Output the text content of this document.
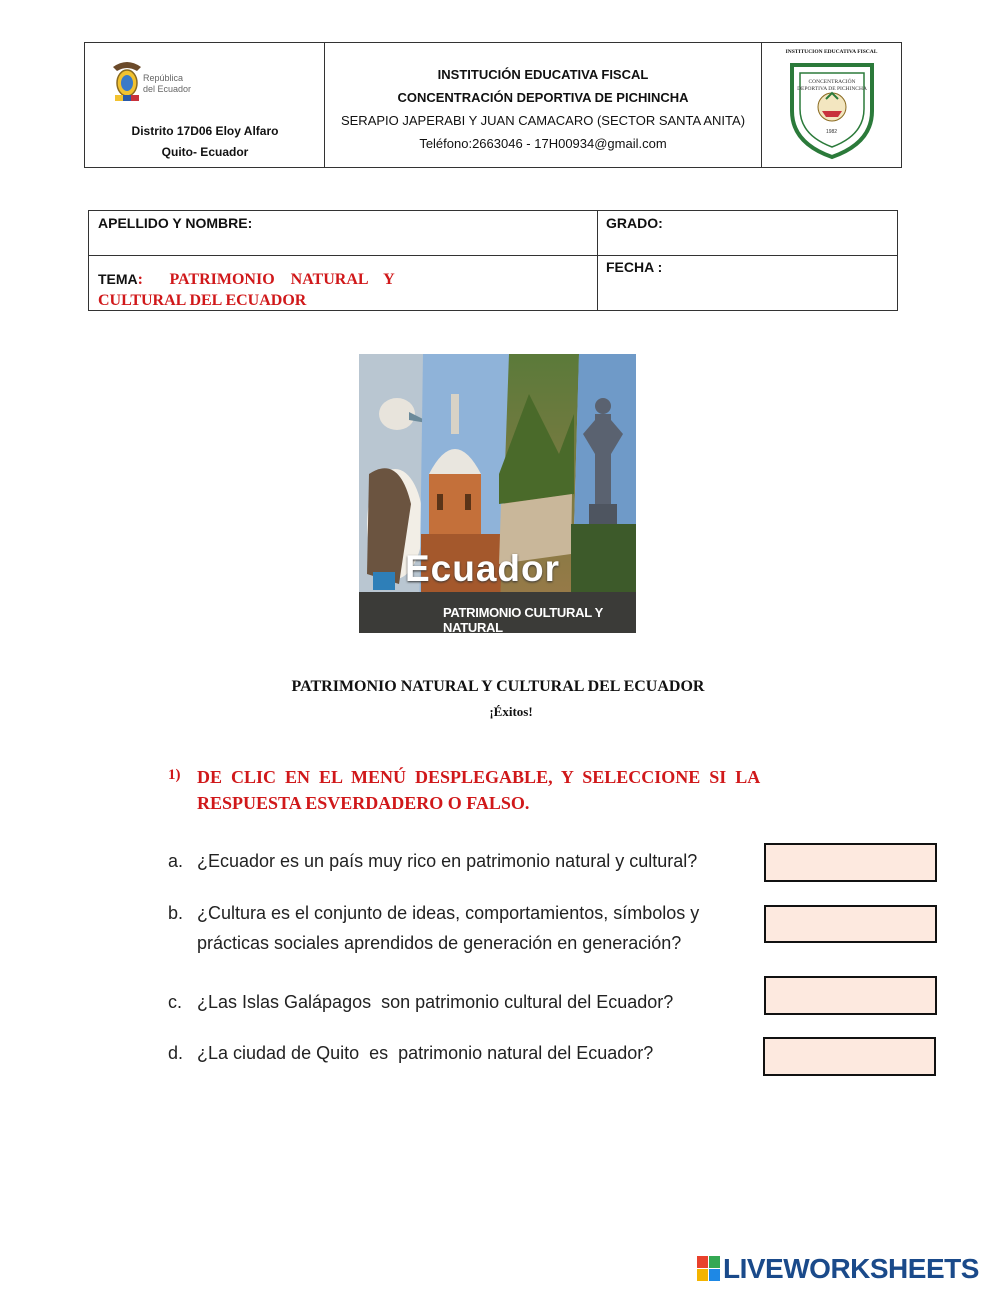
República
del Ecuador
Distrito 17D06 Eloy Alfaro
Quito- Ecuador
INSTITUCIÓN EDUCATIVA FISCAL
CONCENTRACIÓN DEPORTIVA DE PICHINCHA
SERAPIO JAPERABI Y JUAN CAMACARO (SECTOR SANTA ANITA)
Teléfono:2663046 - 17H00934@gmail.com
INSTITUCION EDUCATIVA FISCAL
CONCENTRACIÓN DEPORTIVA DE PICHINCHA
1982
APELLIDO Y NOMBRE:	GRADO:
TEMA: PATRIMONIO    NATURAL    Y
CULTURAL DEL ECUADOR
FECHA :
Ecuador
PATRIMONIO CULTURAL Y NATURAL
PATRIMONIO NATURAL Y CULTURAL DEL ECUADOR
¡Éxitos!
1) DE  CLIC  EN  EL  MENÚ  DESPLEGABLE,  Y  SELECCIONE  SI  LA
RESPUESTA ESVERDADERO O FALSO.
a. ¿Ecuador es un país muy rico en patrimonio natural y cultural?
b. ¿Cultura es el conjunto de ideas, comportamientos, símbolos y
prácticas sociales aprendidos de generación en generación?
c. ¿Las Islas Galápagos  son patrimonio cultural del Ecuador?
d. ¿La ciudad de Quito  es  patrimonio natural del Ecuador?
LIVEWORKSHEETS
